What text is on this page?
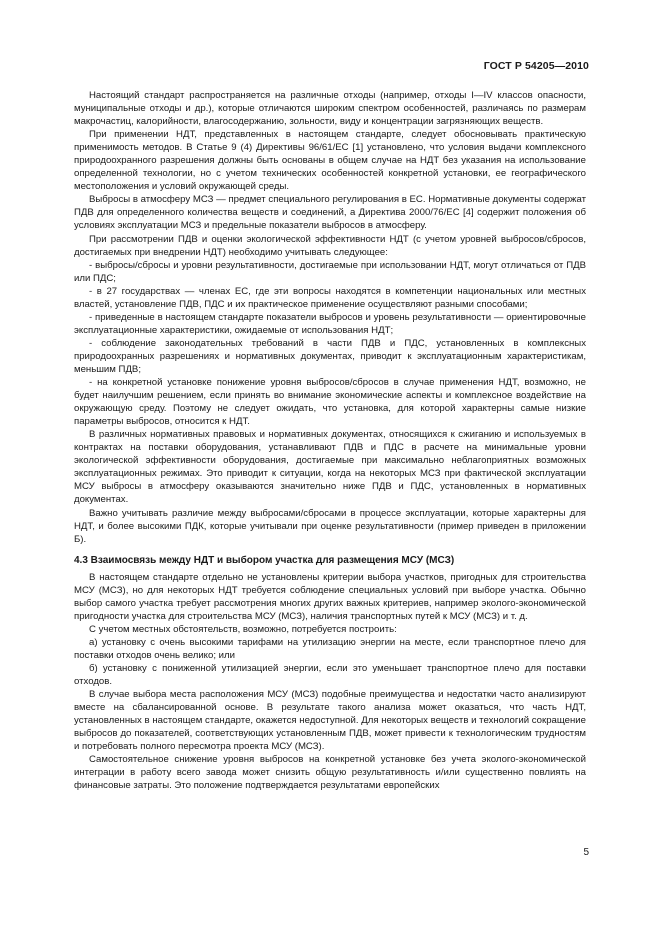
ГОСТ Р 54205—2010

Настоящий стандарт распространяется на различные отходы (например, отходы I—IV классов опасности, муниципальные отходы и др.), которые отличаются широким спектром особенностей, различаясь по размерам макрочастиц, калорийности, влагосодержанию, зольности, виду и концентрации загрязняющих веществ.

При применении НДТ, представленных в настоящем стандарте, следует обосновывать практическую применимость методов. В Статье 9 (4) Директивы 96/61/ЕС [1] установлено, что условия выдачи комплексного природоохранного разрешения должны быть основаны в общем случае на НДТ без указания на использование определенной технологии, но с учетом технических особенностей конкретной установки, ее географического местоположения и условий окружающей среды.

Выбросы в атмосферу МСЗ — предмет специального регулирования в ЕС. Нормативные документы содержат ПДВ для определенного количества веществ и соединений, а Директива 2000/76/ЕС [4] содержит положения об условиях эксплуатации МСЗ и предельные показатели выбросов в атмосферу.

При рассмотрении ПДВ и оценки экологической эффективности НДТ (с учетом уровней выбросов/сбросов, достигаемых при внедрении НДТ) необходимо учитывать следующее:

- выбросы/сбросы и уровни результативности, достигаемые при использовании НДТ, могут отличаться от ПДВ или ПДС;

- в 27 государствах — членах ЕС, где эти вопросы находятся в компетенции национальных или местных властей, установление ПДВ, ПДС и их практическое применение осуществляют разными способами;

- приведенные в настоящем стандарте показатели выбросов и уровень результативности — ориентировочные эксплуатационные характеристики, ожидаемые от использования НДТ;

- соблюдение законодательных требований в части ПДВ и ПДС, установленных в комплексных природоохранных разрешениях и нормативных документах, приводит к эксплуатационным характеристикам, меньшим ПДВ;

- на конкретной установке понижение уровня выбросов/сбросов в случае применения НДТ, возможно, не будет наилучшим решением, если принять во внимание экономические аспекты и комплексное воздействие на окружающую среду. Поэтому не следует ожидать, что установка, для которой характерны самые низкие параметры выбросов, относится к НДТ.

В различных нормативных правовых и нормативных документах, относящихся к сжиганию и используемых в контрактах на поставки оборудования, устанавливают ПДВ и ПДС в расчете на минимальные уровни экологической эффективности оборудования, достигаемые при максимально неблагоприятных возможных эксплуатационных режимах. Это приводит к ситуации, когда на некоторых МСЗ при фактической эксплуатации МСУ выбросы в атмосферу оказываются значительно ниже ПДВ и ПДС, установленных в нормативных документах.

Важно учитывать различие между выбросами/сбросами в процессе эксплуатации, которые характерны для НДТ, и более высокими ПДК, которые учитывали при оценке результативности (пример приведен в приложении Б).

4.3 Взаимосвязь между НДТ и выбором участка для размещения МСУ (МСЗ)

В настоящем стандарте отдельно не установлены критерии выбора участков, пригодных для строительства МСУ (МСЗ), но для некоторых НДТ требуется соблюдение специальных условий при выборе участка. Обычно выбор самого участка требует рассмотрения многих других важных критериев, например эколого-экономической пригодности участка для строительства МСУ (МСЗ), наличия транспортных путей к МСУ (МСЗ) и т. д.

С учетом местных обстоятельств, возможно, потребуется построить:

а) установку с очень высокими тарифами на утилизацию энергии на месте, если транспортное плечо для поставки отходов очень велико; или

б) установку с пониженной утилизацией энергии, если это уменьшает транспортное плечо для поставки отходов.

В случае выбора места расположения МСУ (МСЗ) подобные преимущества и недостатки часто анализируют вместе на сбалансированной основе. В результате такого анализа может оказаться, что часть НДТ, установленных в настоящем стандарте, окажется недоступной. Для некоторых веществ и технологий сокращение выбросов до показателей, соответствующих установленным ПДВ, может привести к технологическим трудностям и потребовать полного пересмотра проекта МСУ (МСЗ).

Самостоятельное снижение уровня выбросов на конкретной установке без учета эколого-экономической интеграции в работу всего завода может снизить общую результативность и/или существенно повлиять на финансовые затраты. Это положение подтверждается результатами европейских

5
